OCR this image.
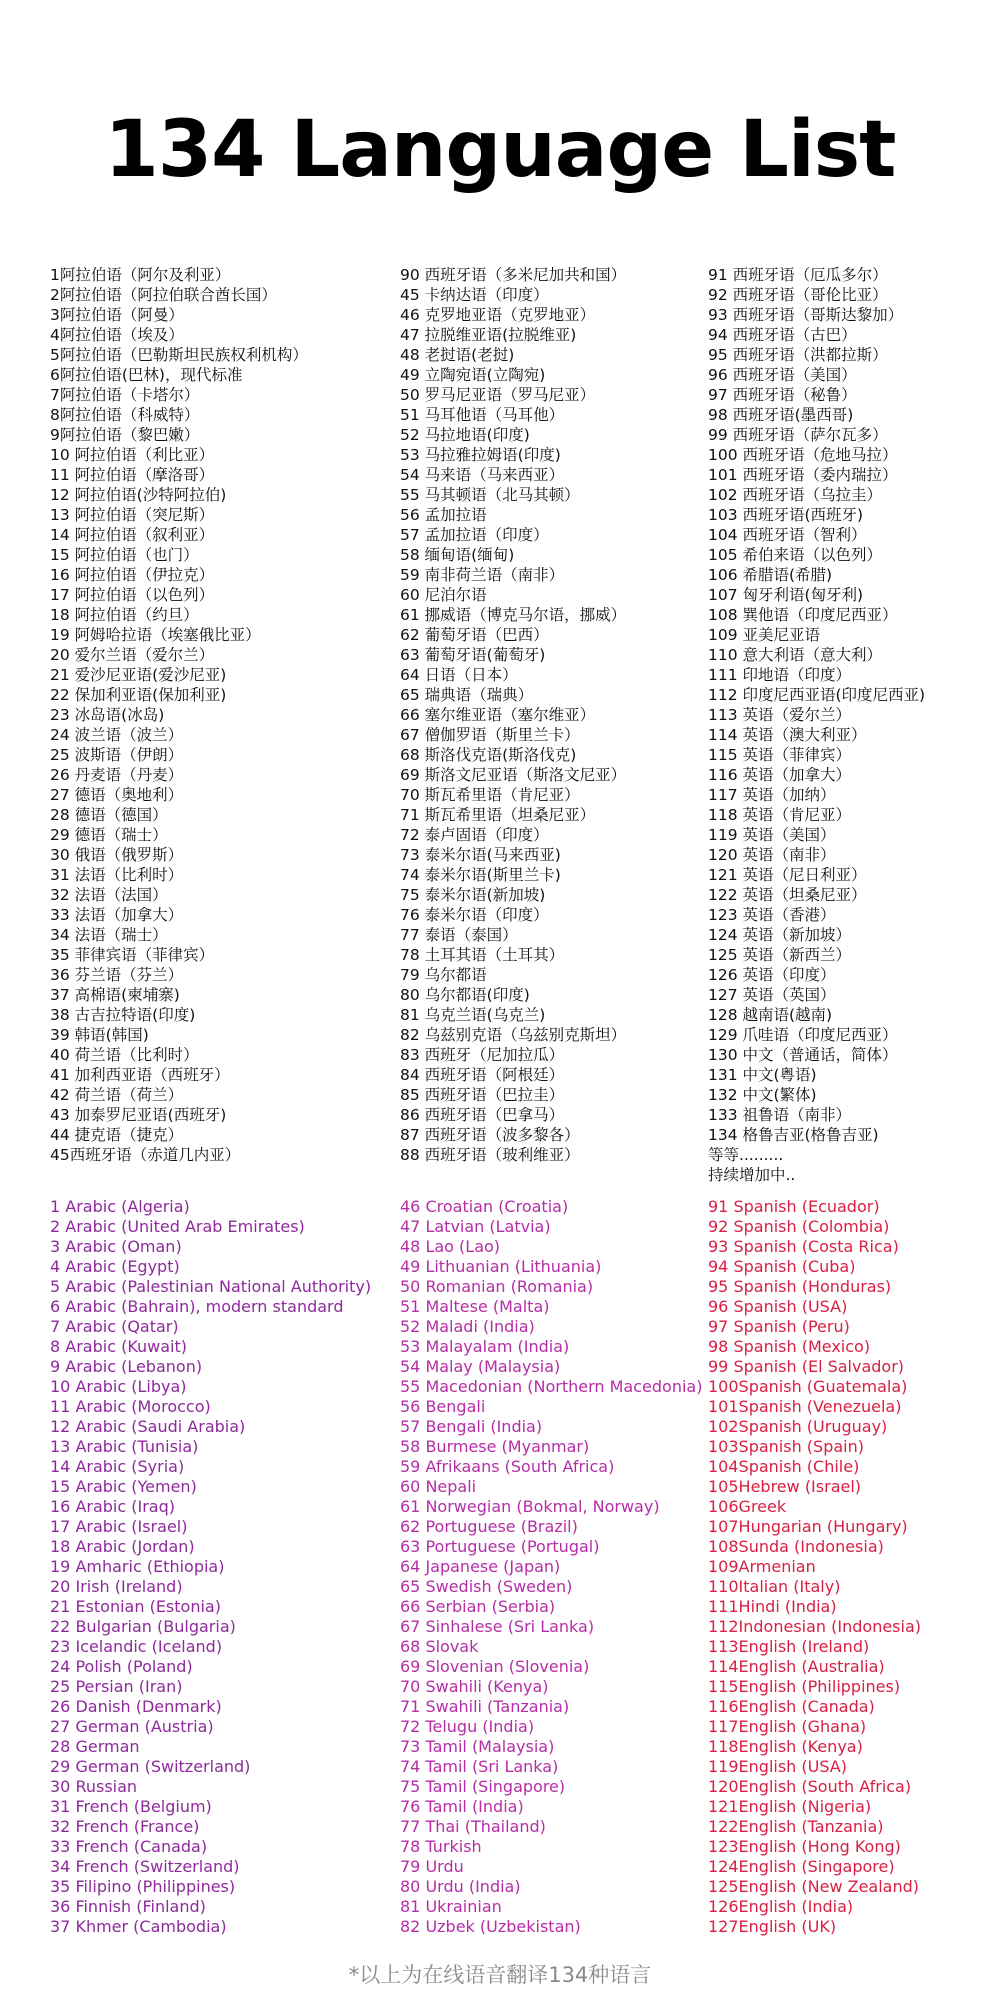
134 Language List
1阿拉伯语（阿尔及利亚）
2阿拉伯语（阿拉伯联合酋长国）
3阿拉伯语（阿曼）
4阿拉伯语（埃及）
5阿拉伯语（巴勒斯坦民族权利机构）
6阿拉伯语(巴林)，现代标准
7阿拉伯语（卡塔尔）
8阿拉伯语（科威特）
9阿拉伯语（黎巴嫩）
10 阿拉伯语（利比亚）
11 阿拉伯语（摩洛哥）
12 阿拉伯语(沙特阿拉伯)
13 阿拉伯语（突尼斯）
14 阿拉伯语（叙利亚）
15 阿拉伯语（也门）
16 阿拉伯语（伊拉克）
17 阿拉伯语（以色列）
18 阿拉伯语（约旦）
19 阿姆哈拉语（埃塞俄比亚）
20 爱尔兰语（爱尔兰）
21 爱沙尼亚语(爱沙尼亚)
22 保加利亚语(保加利亚)
23 冰岛语(冰岛)
24 波兰语（波兰）
25 波斯语（伊朗）
26 丹麦语（丹麦）
27 德语（奥地利）
28 德语（德国）
29 德语（瑞士）
30 俄语（俄罗斯）
31 法语（比利时）
32 法语（法国）
33 法语（加拿大）
34 法语（瑞士）
35 菲律宾语（菲律宾）
36 芬兰语（芬兰）
37 高棉语(柬埔寨)
38 古吉拉特语(印度)
39 韩语(韩国)
40 荷兰语（比利时）
41 加利西亚语（西班牙）
42 荷兰语（荷兰）
43 加泰罗尼亚语(西班牙)
44 捷克语（捷克）
45西班牙语（赤道几内亚）
90 西班牙语（多米尼加共和国）
45 卡纳达语（印度）
46 克罗地亚语（克罗地亚）
47 拉脱维亚语(拉脱维亚)
48 老挝语(老挝)
49 立陶宛语(立陶宛)
50 罗马尼亚语（罗马尼亚）
51 马耳他语（马耳他）
52 马拉地语(印度)
53 马拉雅拉姆语(印度)
54 马来语（马来西亚）
55 马其顿语（北马其顿）
56 孟加拉语
57 孟加拉语（印度）
58 缅甸语(缅甸)
59 南非荷兰语（南非）
60 尼泊尔语
61 挪威语（博克马尔语，挪威）
62 葡萄牙语（巴西）
63 葡萄牙语(葡萄牙)
64 日语（日本）
65 瑞典语（瑞典）
66 塞尔维亚语（塞尔维亚）
67 僧伽罗语（斯里兰卡）
68 斯洛伐克语(斯洛伐克)
69 斯洛文尼亚语（斯洛文尼亚）
70 斯瓦希里语（肯尼亚）
71 斯瓦希里语（坦桑尼亚）
72 泰卢固语（印度）
73 泰米尔语(马来西亚)
74 泰米尔语(斯里兰卡)
75 泰米尔语(新加坡)
76 泰米尔语（印度）
77 泰语（泰国）
78 土耳其语（土耳其）
79 乌尔都语
80 乌尔都语(印度)
81 乌克兰语(乌克兰)
82 乌兹别克语（乌兹别克斯坦）
83 西班牙（尼加拉瓜）
84 西班牙语（阿根廷）
85 西班牙语（巴拉圭）
86 西班牙语（巴拿马）
87 西班牙语（波多黎各）
88 西班牙语（玻利维亚）
91 西班牙语（厄瓜多尔）
92 西班牙语（哥伦比亚）
93 西班牙语（哥斯达黎加）
94 西班牙语（古巴）
95 西班牙语（洪都拉斯）
96 西班牙语（美国）
97 西班牙语（秘鲁）
98 西班牙语(墨西哥)
99 西班牙语（萨尔瓦多）
100 西班牙语（危地马拉）
101 西班牙语（委内瑞拉）
102 西班牙语（乌拉圭）
103 西班牙语(西班牙)
104 西班牙语（智利）
105 希伯来语（以色列）
106 希腊语(希腊)
107 匈牙利语(匈牙利)
108 巽他语（印度尼西亚）
109 亚美尼亚语
110 意大利语（意大利）
111 印地语（印度）
112 印度尼西亚语(印度尼西亚)
113 英语（爱尔兰）
114 英语（澳大利亚）
115 英语（菲律宾）
116 英语（加拿大）
117 英语（加纳）
118 英语（肯尼亚）
119 英语（美国）
120 英语（南非）
121 英语（尼日利亚）
122 英语（坦桑尼亚）
123 英语（香港）
124 英语（新加坡）
125 英语（新西兰）
126 英语（印度）
127 英语（英国）
128 越南语(越南)
129 爪哇语（印度尼西亚）
130 中文（普通话，简体）
131 中文(粤语)
132 中文(繁体)
133 祖鲁语（南非）
134 格鲁吉亚(格鲁吉亚)
等等.........
持续增加中..
1 Arabic (Algeria)
2 Arabic (United Arab Emirates)
3 Arabic (Oman)
4 Arabic (Egypt)
5 Arabic (Palestinian National Authority)
6 Arabic (Bahrain), modern standard
7 Arabic (Qatar)
8 Arabic (Kuwait)
9 Arabic (Lebanon)
10 Arabic (Libya)
11 Arabic (Morocco)
12 Arabic (Saudi Arabia)
13 Arabic (Tunisia)
14 Arabic (Syria)
15 Arabic (Yemen)
16 Arabic (Iraq)
17 Arabic (Israel)
18 Arabic (Jordan)
19 Amharic (Ethiopia)
20 Irish (Ireland)
21 Estonian (Estonia)
22 Bulgarian (Bulgaria)
23 Icelandic (Iceland)
24 Polish (Poland)
25 Persian (Iran)
26 Danish (Denmark)
27 German (Austria)
28 German
29 German (Switzerland)
30 Russian
31 French (Belgium)
32 French (France)
33 French (Canada)
34 French (Switzerland)
35 Filipino (Philippines)
36 Finnish (Finland)
37 Khmer (Cambodia)
46 Croatian (Croatia)
47 Latvian (Latvia)
48 Lao (Lao)
49 Lithuanian (Lithuania)
50 Romanian (Romania)
51 Maltese (Malta)
52 Maladi (India)
53 Malayalam (India)
54 Malay (Malaysia)
55 Macedonian (Northern Macedonia)
56 Bengali
57 Bengali (India)
58 Burmese (Myanmar)
59 Afrikaans (South Africa)
60 Nepali
61 Norwegian (Bokmal, Norway)
62 Portuguese (Brazil)
63 Portuguese (Portugal)
64 Japanese (Japan)
65 Swedish (Sweden)
66 Serbian (Serbia)
67 Sinhalese (Sri Lanka)
68 Slovak
69 Slovenian (Slovenia)
70 Swahili (Kenya)
71 Swahili (Tanzania)
72 Telugu (India)
73 Tamil (Malaysia)
74 Tamil (Sri Lanka)
75 Tamil (Singapore)
76 Tamil (India)
77 Thai (Thailand)
78 Turkish
79 Urdu
80 Urdu (India)
81 Ukrainian
82 Uzbek (Uzbekistan)
91 Spanish (Ecuador)
92 Spanish (Colombia)
93 Spanish (Costa Rica)
94 Spanish (Cuba)
95 Spanish (Honduras)
96 Spanish (USA)
97 Spanish (Peru)
98 Spanish (Mexico)
99 Spanish (El Salvador)
100Spanish (Guatemala)
101Spanish (Venezuela)
102Spanish (Uruguay)
103Spanish (Spain)
104Spanish (Chile)
105Hebrew (Israel)
106Greek
107Hungarian (Hungary)
108Sunda (Indonesia)
109Armenian
110Italian (Italy)
111Hindi (India)
112Indonesian (Indonesia)
113English (Ireland)
114English (Australia)
115English (Philippines)
116English (Canada)
117English (Ghana)
118English (Kenya)
119English (USA)
120English (South Africa)
121English (Nigeria)
122English (Tanzania)
123English (Hong Kong)
124English (Singapore)
125English (New Zealand)
126English (India)
127English (UK)

*以上为在线语音翻译134种语言
